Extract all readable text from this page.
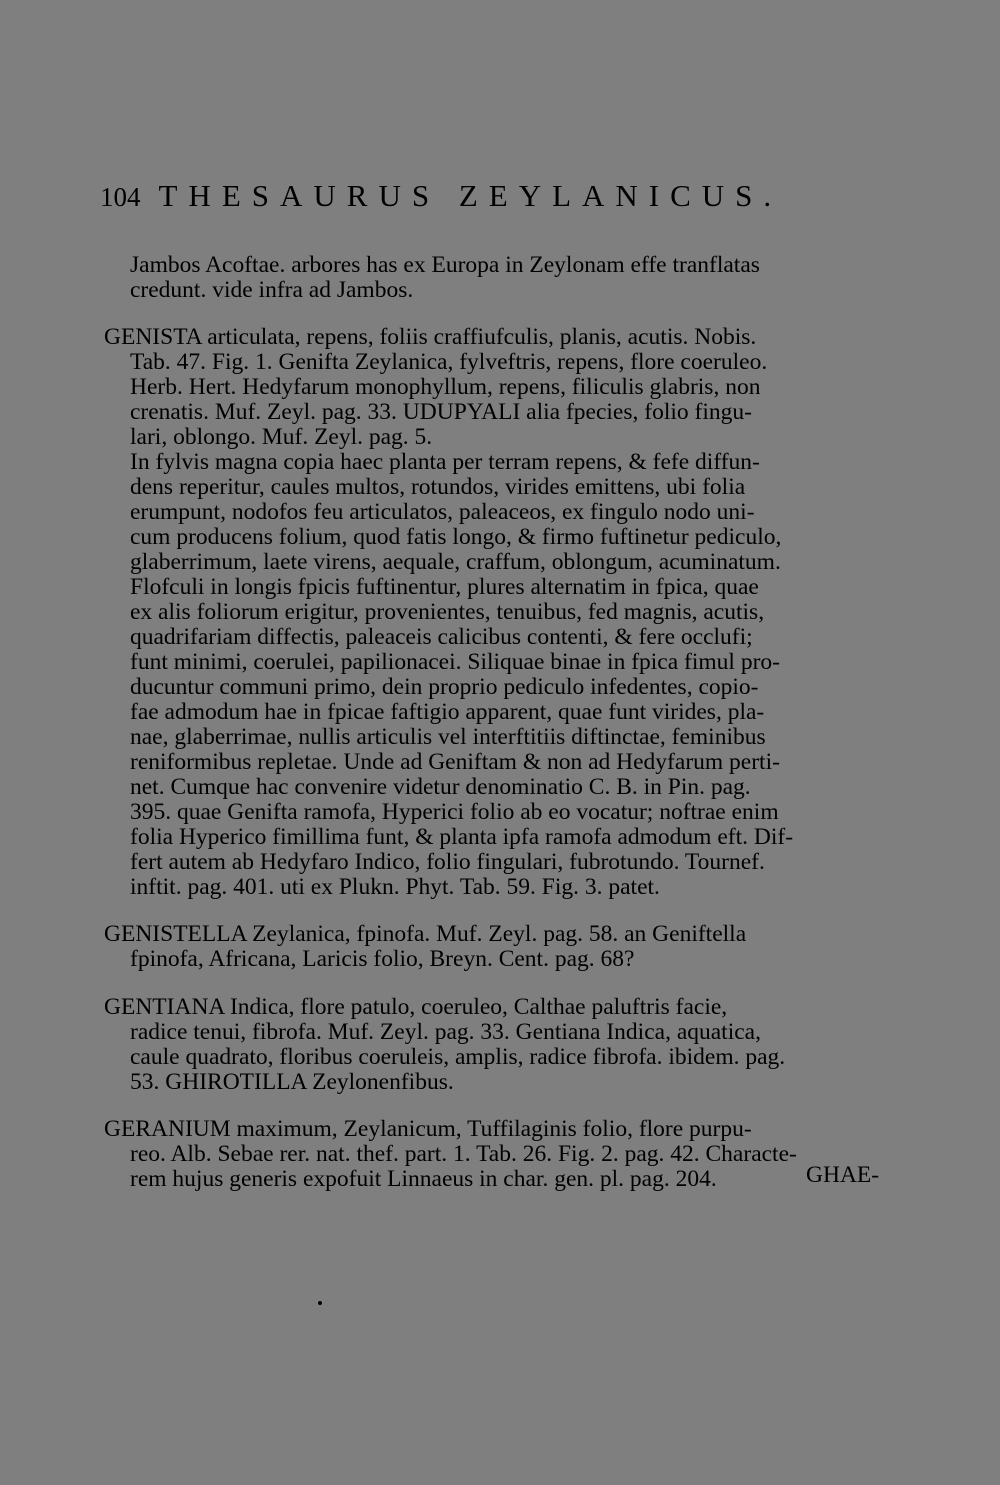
104 THESAURUS ZEYLANICUS.
Jambos Acoftae. arbores has ex Europa in Zeylonam effe tranflatas
credunt. vide infra ad Jambos.
GENISTA articulata, repens, foliis craffiufculis, planis, acutis. Nobis.
Tab. 47. Fig. 1. Genifta Zeylanica, fylveftris, repens, flore coeruleo.
Herb. Hert. Hedyfarum monophyllum, repens, filiculis glabris, non
crenatis. Muf. Zeyl. pag. 33. UDUPYALI alia fpecies, folio fingu-
lari, oblongo. Muf. Zeyl. pag. 5.
In fylvis magna copia haec planta per terram repens, & fefe diffun-
dens reperitur, caules multos, rotundos, virides emittens, ubi folia
erumpunt, nodofos feu articulatos, paleaceos, ex fingulo nodo uni-
cum producens folium, quod fatis longo, & firmo fuftinetur pediculo,
glaberrimum, laete virens, aequale, craffum, oblongum, acuminatum.
Flofculi in longis fpicis fuftinentur, plures alternatim in fpica, quae
ex alis foliorum erigitur, provenientes, tenuibus, fed magnis, acutis,
quadrifariam diffectis, paleaceis calicibus contenti, & fere occlufi;
funt minimi, coerulei, papilionacei. Siliquae binae in fpica fimul pro-
ducuntur communi primo, dein proprio pediculo infedentes, copio-
fae admodum hae in fpicae faftigio apparent, quae funt virides, pla-
nae, glaberrimae, nullis articulis vel interftitiis diftinctae, feminibus
reniformibus repletae. Unde ad Geniftam & non ad Hedyfarum perti-
net. Cumque hac convenire videtur denominatio C. B. in Pin. pag.
395. quae Genifta ramofa, Hyperici folio ab eo vocatur; noftrae enim
folia Hyperico fimillima funt, & planta ipfa ramofa admodum eft. Dif-
fert autem ab Hedyfaro Indico, folio fingulari, fubrotundo. Tournef.
inftit. pag. 401. uti ex Plukn. Phyt. Tab. 59. Fig. 3. patet.
GENISTELLA Zeylanica, fpinofa. Muf. Zeyl. pag. 58. an Geniftella
fpinofa, Africana, Laricis folio, Breyn. Cent. pag. 68?
GENTIANA Indica, flore patulo, coeruleo, Calthae paluftris facie,
radice tenui, fibrofa. Muf. Zeyl. pag. 33. Gentiana Indica, aquatica,
caule quadrato, floribus coeruleis, amplis, radice fibrofa. ibidem. pag.
53. GHIROTILLA Zeylonenfibus.
GERANIUM maximum, Zeylanicum, Tuffilaginis folio, flore purpu-
reo. Alb. Sebae rer. nat. thef. part. 1. Tab. 26. Fig. 2. pag. 42. Characte-
rem hujus generis expofuit Linnaeus in char. gen. pl. pag. 204.	GHAE-
